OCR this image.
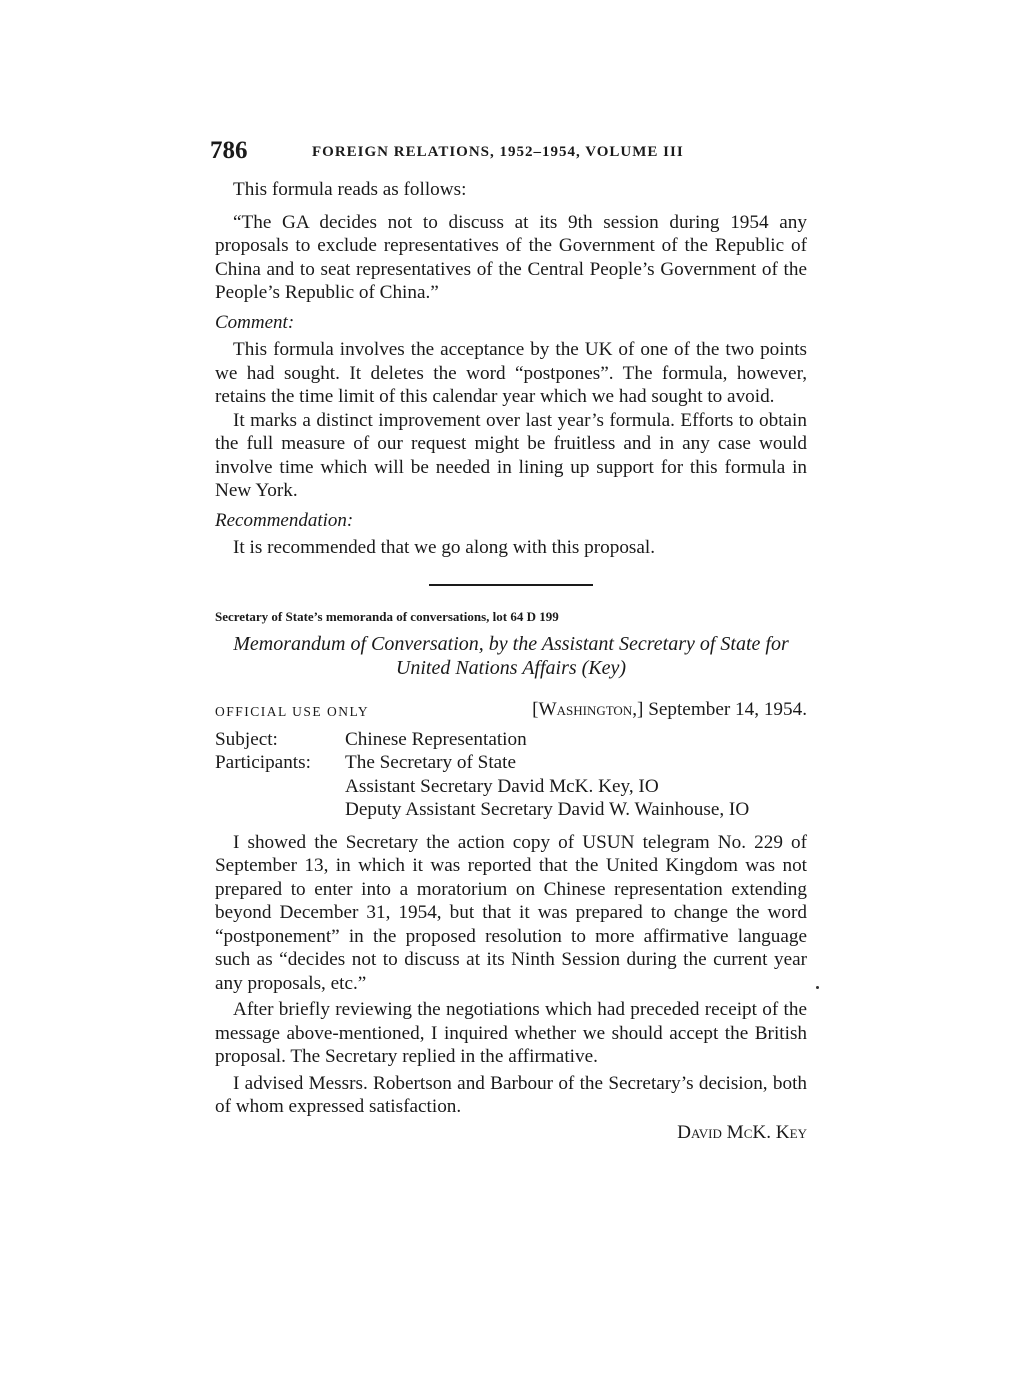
786	FOREIGN RELATIONS, 1952–1954, VOLUME III

This formula reads as follows:

“The GA decides not to discuss at its 9th session during 1954 any proposals to exclude representatives of the Government of the Republic of China and to seat representatives of the Central People’s Government of the People’s Republic of China.”

Comment:

This formula involves the acceptance by the UK of one of the two points we had sought. It deletes the word “postpones”. The formula, however, retains the time limit of this calendar year which we had sought to avoid.

It marks a distinct improvement over last year’s formula. Efforts to obtain the full measure of our request might be fruitless and in any case would involve time which will be needed in lining up support for this formula in New York.

Recommendation:

It is recommended that we go along with this proposal.

Secretary of State’s memoranda of conversations, lot 64 D 199
Memorandum of Conversation, by the Assistant Secretary of State for United Nations Affairs (Key)
OFFICIAL USE ONLY	[Washington,] September 14, 1954.
Subject:	Chinese Representation
Participants:	The Secretary of State
Assistant Secretary David McK. Key, IO
Deputy Assistant Secretary David W. Wainhouse, IO

I showed the Secretary the action copy of USUN telegram No. 229 of September 13, in which it was reported that the United Kingdom was not prepared to enter into a moratorium on Chinese representation extending beyond December 31, 1954, but that it was prepared to change the word “postponement” in the proposed resolution to more affirmative language such as “decides not to discuss at its Ninth Session during the current year any proposals, etc.”

After briefly reviewing the negotiations which had preceded receipt of the message above-mentioned, I inquired whether we should accept the British proposal. The Secretary replied in the affirmative.

I advised Messrs. Robertson and Barbour of the Secretary’s decision, both of whom expressed satisfaction.

David McK. Key
